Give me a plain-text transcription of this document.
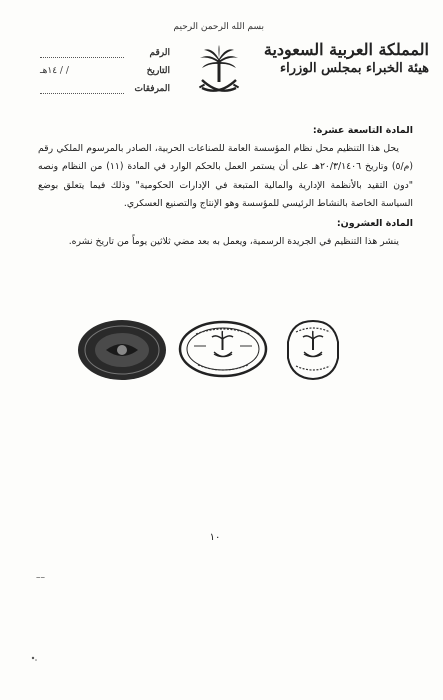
بسم الله الرحمن الرحيم
المملكة العربية السعودية
هيئة الخبراء بمجلس الوزراء
الرقم
التاريخ
/ / ١٤هـ
المرفقات

المادة التاسعة عشرة:

يحل هذا التنظيم محل نظام المؤسسة العامة للصناعات الحربية، الصادر بالمرسوم الملكي رقم (م/٥) وتاريخ ٢٠/٣/١٤٠٦هـ على أن يستمر العمل بالحكم الوارد في المادة (١١) من النظام ونصه "دون التقيد بالأنظمة الإدارية والمالية المتبعة في الإدارات الحكومية" وذلك فيما يتعلق بوضع السياسة الخاصة بالنشاط الرئيسي للمؤسسة وهو الإنتاج والتصنيع العسكري.

المادة العشرون:

ينشر هذا التنظيم في الجريدة الرسمية، ويعمل به بعد مضي ثلاثين يوماً من تاريخ نشره.

١٠
––
